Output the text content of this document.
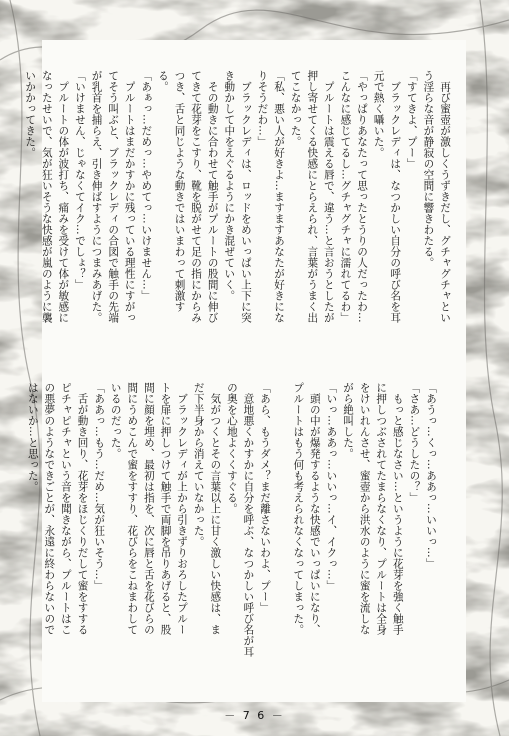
　再び蜜壺が激しくうずきだし、グチャグチャとい
う淫らな音が静寂の空間に響きわたる。
「すてきよ、プー」
　ブラックレディは、なつかしい自分の呼び名を耳
元で熱く囁いた。
「やっぱりあなたって思ったとうりの人だったわ…
こんなに感じてるし…グチャグチャに濡れてるわ」
　プルートは震える唇で、違う…と言おうとしたが
押し寄せてくる快感にとらえられ、言葉がうまく出
てこなかった。
「私、悪い人が好きよ…ますますあなたが好きにな
りそうだわ…」
　ブラックレディは、ロッドをめいっぱい上下に突
き動かして中をえぐるようにかき混ぜていく。
　その動きに合わせて触手がプルートの股間に伸び
てきて花芽をこすり、靴を脱がせて足の指にからみ
つき、舌と同じような動きではいまわって刺激する。
「あぁっ…だめっ…やめてっ…いけません…」
　プルートはまだかすかに残っている理性にすがっ
てそう叫ぶと、ブラックレディの合図で触手の先端
が乳首を捕らえ、引き伸ばすようにつまみあげた。
「いけません、じゃなくてイク…でしょ？」
　プルートの体が波打ち、痛みを受けて体が敏感に
なったせいで、気が狂いそうな快感が嵐のように襲
いかかってきた。
「あうっ…くっ…ああっ…いいっ…」
「さあ…どうしたの？」
　もっと感じなさい…というように花芽を強く触手
に押しつぶされてたまらなくなり、プルートは全身
をけいれんさせ、蜜壺から洪水のように蜜を流しな
がら絶叫した。
「いっ…ああっ…いいっ…イ、イクっ…」
　頭の中が爆発するような快感でいっぱいになり、
プルートはもう何も考えられなくなってしまった。

「あら、もうダメ？まだ離さないわよ、プー」
　意地悪くかすかに自分を呼ぶ、なつかしい呼び名が耳
の奥を心地よくくすぐる。
　気がつくとその言葉以上に甘く激しい快感は、ま
だ下半身から消えていなかった。
　ブラックレディが上から引きずりおろしたプルー
トを扉に押しつけて触手で両脚を吊りあげると、股
間に顔を埋め、最初は指を、次に唇と舌を花びらの
間にうめこんで蜜をすすり、花びらをこねまわして
いるのだった。
「ああっ…もう…だめ…気が狂いそう…」
　舌が動き回り、花芽をほじくりだして蜜をすする
ピチャピチャという音を聞きながら、プルートはこ
の悪夢のようなできごとが、永遠に終わらないので
はないか…と思った。
－ 7 6 －
